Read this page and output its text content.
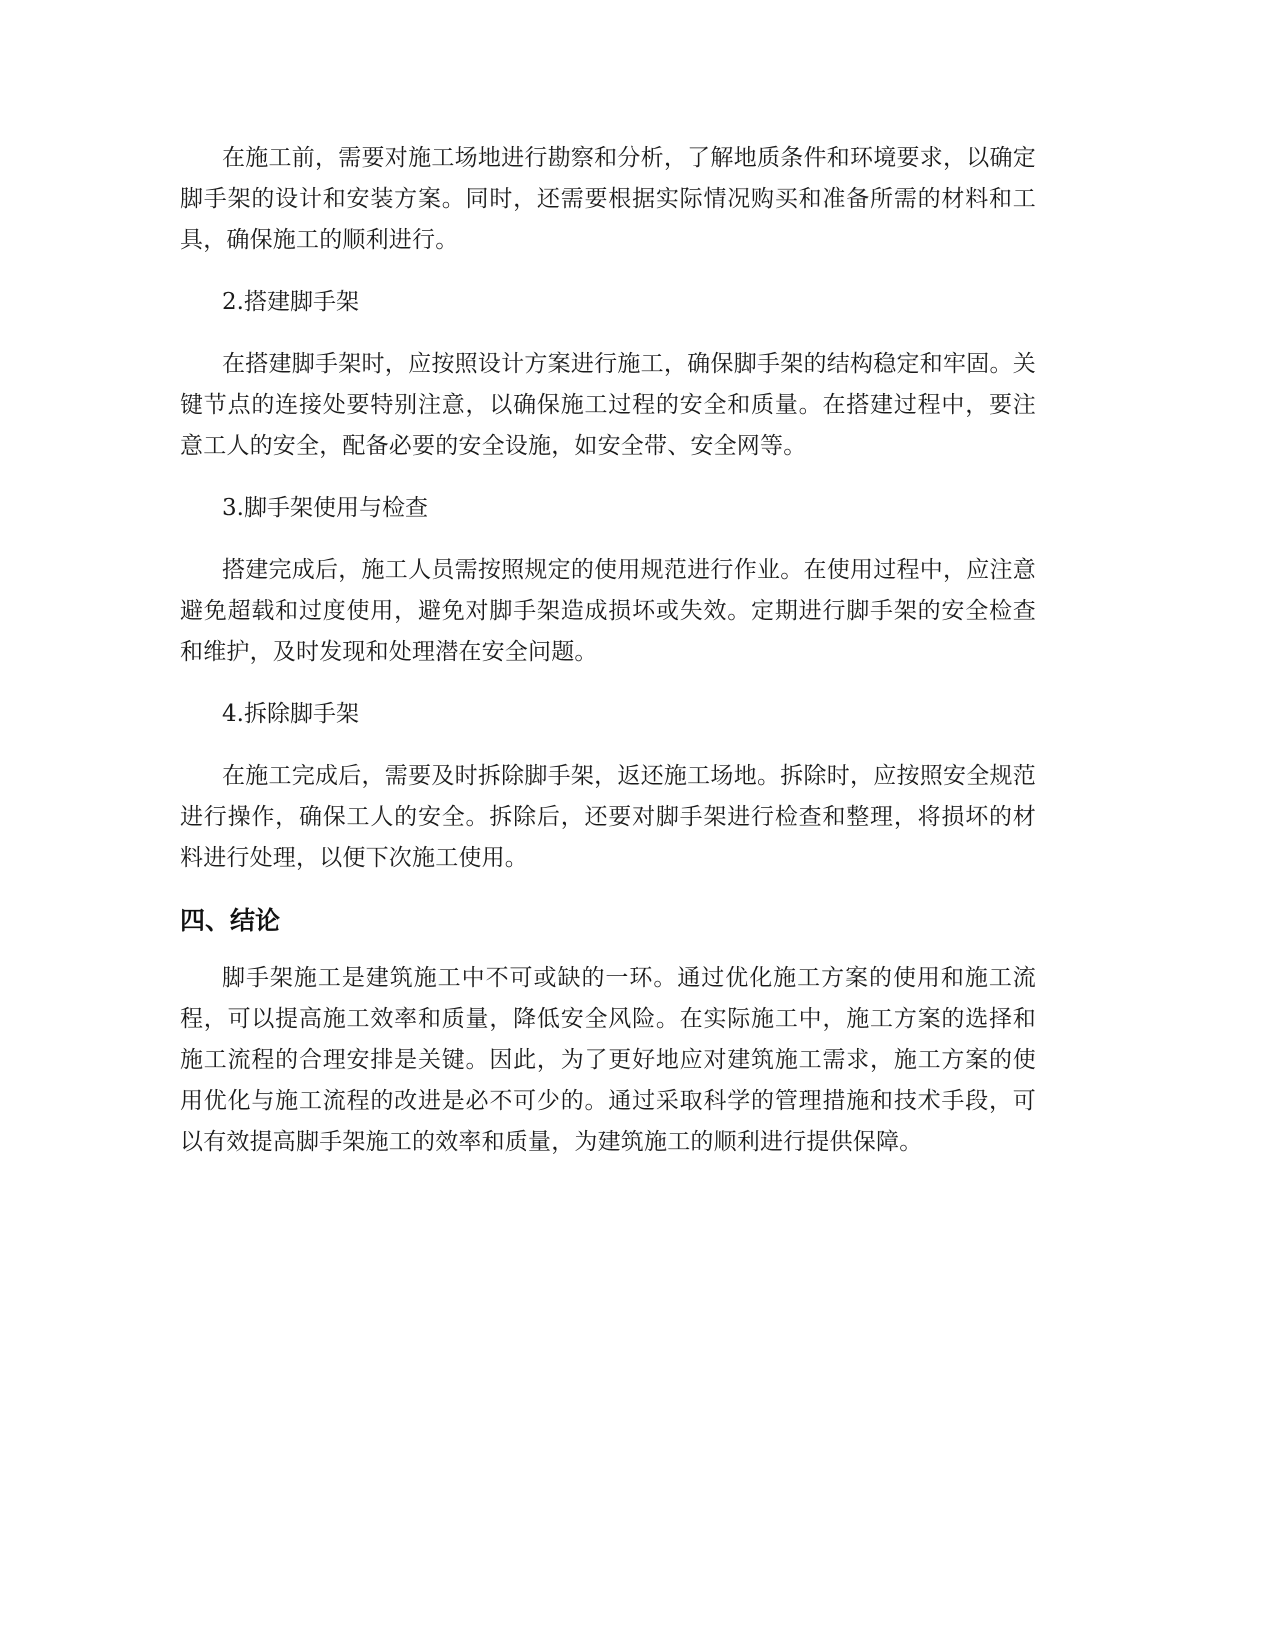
在施工前，需要对施工场地进行勘察和分析，了解地质条件和环境要求，以确定脚手架的设计和安装方案。同时，还需要根据实际情况购买和准备所需的材料和工具，确保施工的顺利进行。

2.搭建脚手架

在搭建脚手架时，应按照设计方案进行施工，确保脚手架的结构稳定和牢固。关键节点的连接处要特别注意，以确保施工过程的安全和质量。在搭建过程中，要注意工人的安全，配备必要的安全设施，如安全带、安全网等。

3.脚手架使用与检查

搭建完成后，施工人员需按照规定的使用规范进行作业。在使用过程中，应注意避免超载和过度使用，避免对脚手架造成损坏或失效。定期进行脚手架的安全检查和维护，及时发现和处理潜在安全问题。

4.拆除脚手架

在施工完成后，需要及时拆除脚手架，返还施工场地。拆除时，应按照安全规范进行操作，确保工人的安全。拆除后，还要对脚手架进行检查和整理，将损坏的材料进行处理，以便下次施工使用。

四、结论

脚手架施工是建筑施工中不可或缺的一环。通过优化施工方案的使用和施工流程，可以提高施工效率和质量，降低安全风险。在实际施工中，施工方案的选择和施工流程的合理安排是关键。因此，为了更好地应对建筑施工需求，施工方案的使用优化与施工流程的改进是必不可少的。通过采取科学的管理措施和技术手段，可以有效提高脚手架施工的效率和质量，为建筑施工的顺利进行提供保障。
